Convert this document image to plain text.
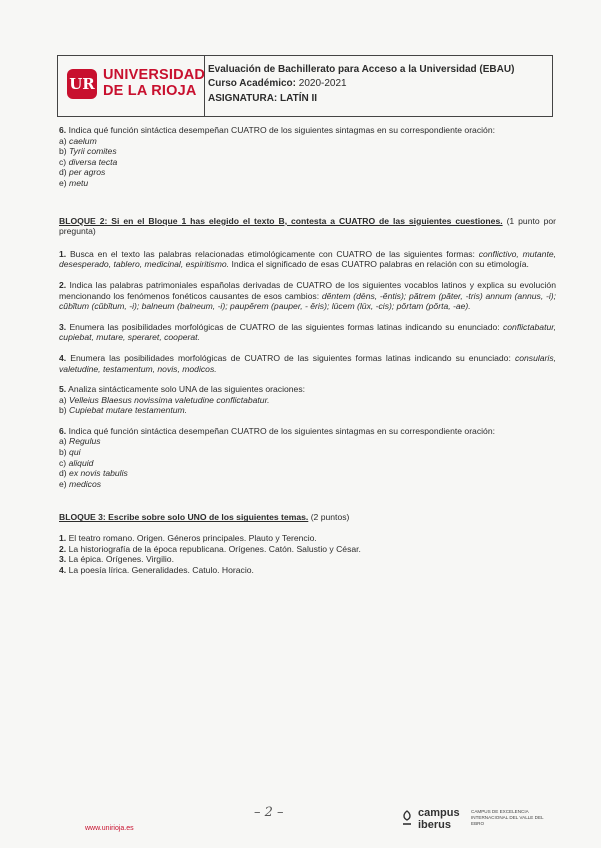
UR UNIVERSIDAD
DE LA RIOJA
Evaluación de Bachillerato para Acceso a la Universidad (EBAU)
Curso Académico: 2020-2021
ASIGNATURA: LATÍN II

6. Indica qué función sintáctica desempeñan CUATRO de los siguientes sintagmas en su correspondiente oración:

a) caelum

b) Tyrii comites

c) diversa tecta

d) per agros

e) metu

BLOQUE 2: Si en el Bloque 1 has elegido el texto B, contesta a CUATRO de las siguientes cuestiones. (1 punto por pregunta)

1. Busca en el texto las palabras relacionadas etimológicamente con CUATRO de las siguientes formas: conflictivo, mutante, desesperado, tablero, medicinal, espiritismo. Indica el significado de esas CUATRO palabras en relación con su etimología.

2. Indica las palabras patrimoniales españolas derivadas de CUATRO de los siguientes vocablos latinos y explica su evolución mencionando los fenómenos fonéticos causantes de esos cambios: dĕntem (dēns, -ĕntis); pătrem (păter, -tris) annum (annus, -i); cŭbĭtum (cŭbĭtum, -i); balneum (balneum, -i); paupĕrem (pauper, - ĕris); lūcem (lūx, -cis); pŏrtam (pŏrta, -ae).

3. Enumera las posibilidades morfológicas de CUATRO de las siguientes formas latinas indicando su enunciado: conflictabatur, cupiebat, mutare, speraret, cooperat.

4. Enumera las posibilidades morfológicas de CUATRO de las siguientes formas latinas indicando su enunciado: consularis, valetudine, testamentum, novis, modicos.

5. Analiza sintácticamente solo UNA de las siguientes oraciones:

a) Velleius Blaesus novissima valetudine conflictabatur.

b) Cupiebat mutare testamentum.

6. Indica qué función sintáctica desempeñan CUATRO de los siguientes sintagmas en su correspondiente oración:

a) Regulus

b) qui

c) aliquid

d) ex novis tabulis

e) medicos

BLOQUE 3: Escribe sobre solo UNO de los siguientes temas. (2 puntos)

1. El teatro romano. Origen. Géneros principales. Plauto y Terencio.

2. La historiografía de la época republicana. Orígenes. Catón. Salustio y César.

3. La épica. Orígenes. Virgilio.

4. La poesía lírica. Generalidades. Catulo. Horacio.

www.unirioja.es
– 2 –	campus
iberus
CAMPUS DE EXCELENCIA INTERNACIONAL DEL VALLE DEL EBRO
